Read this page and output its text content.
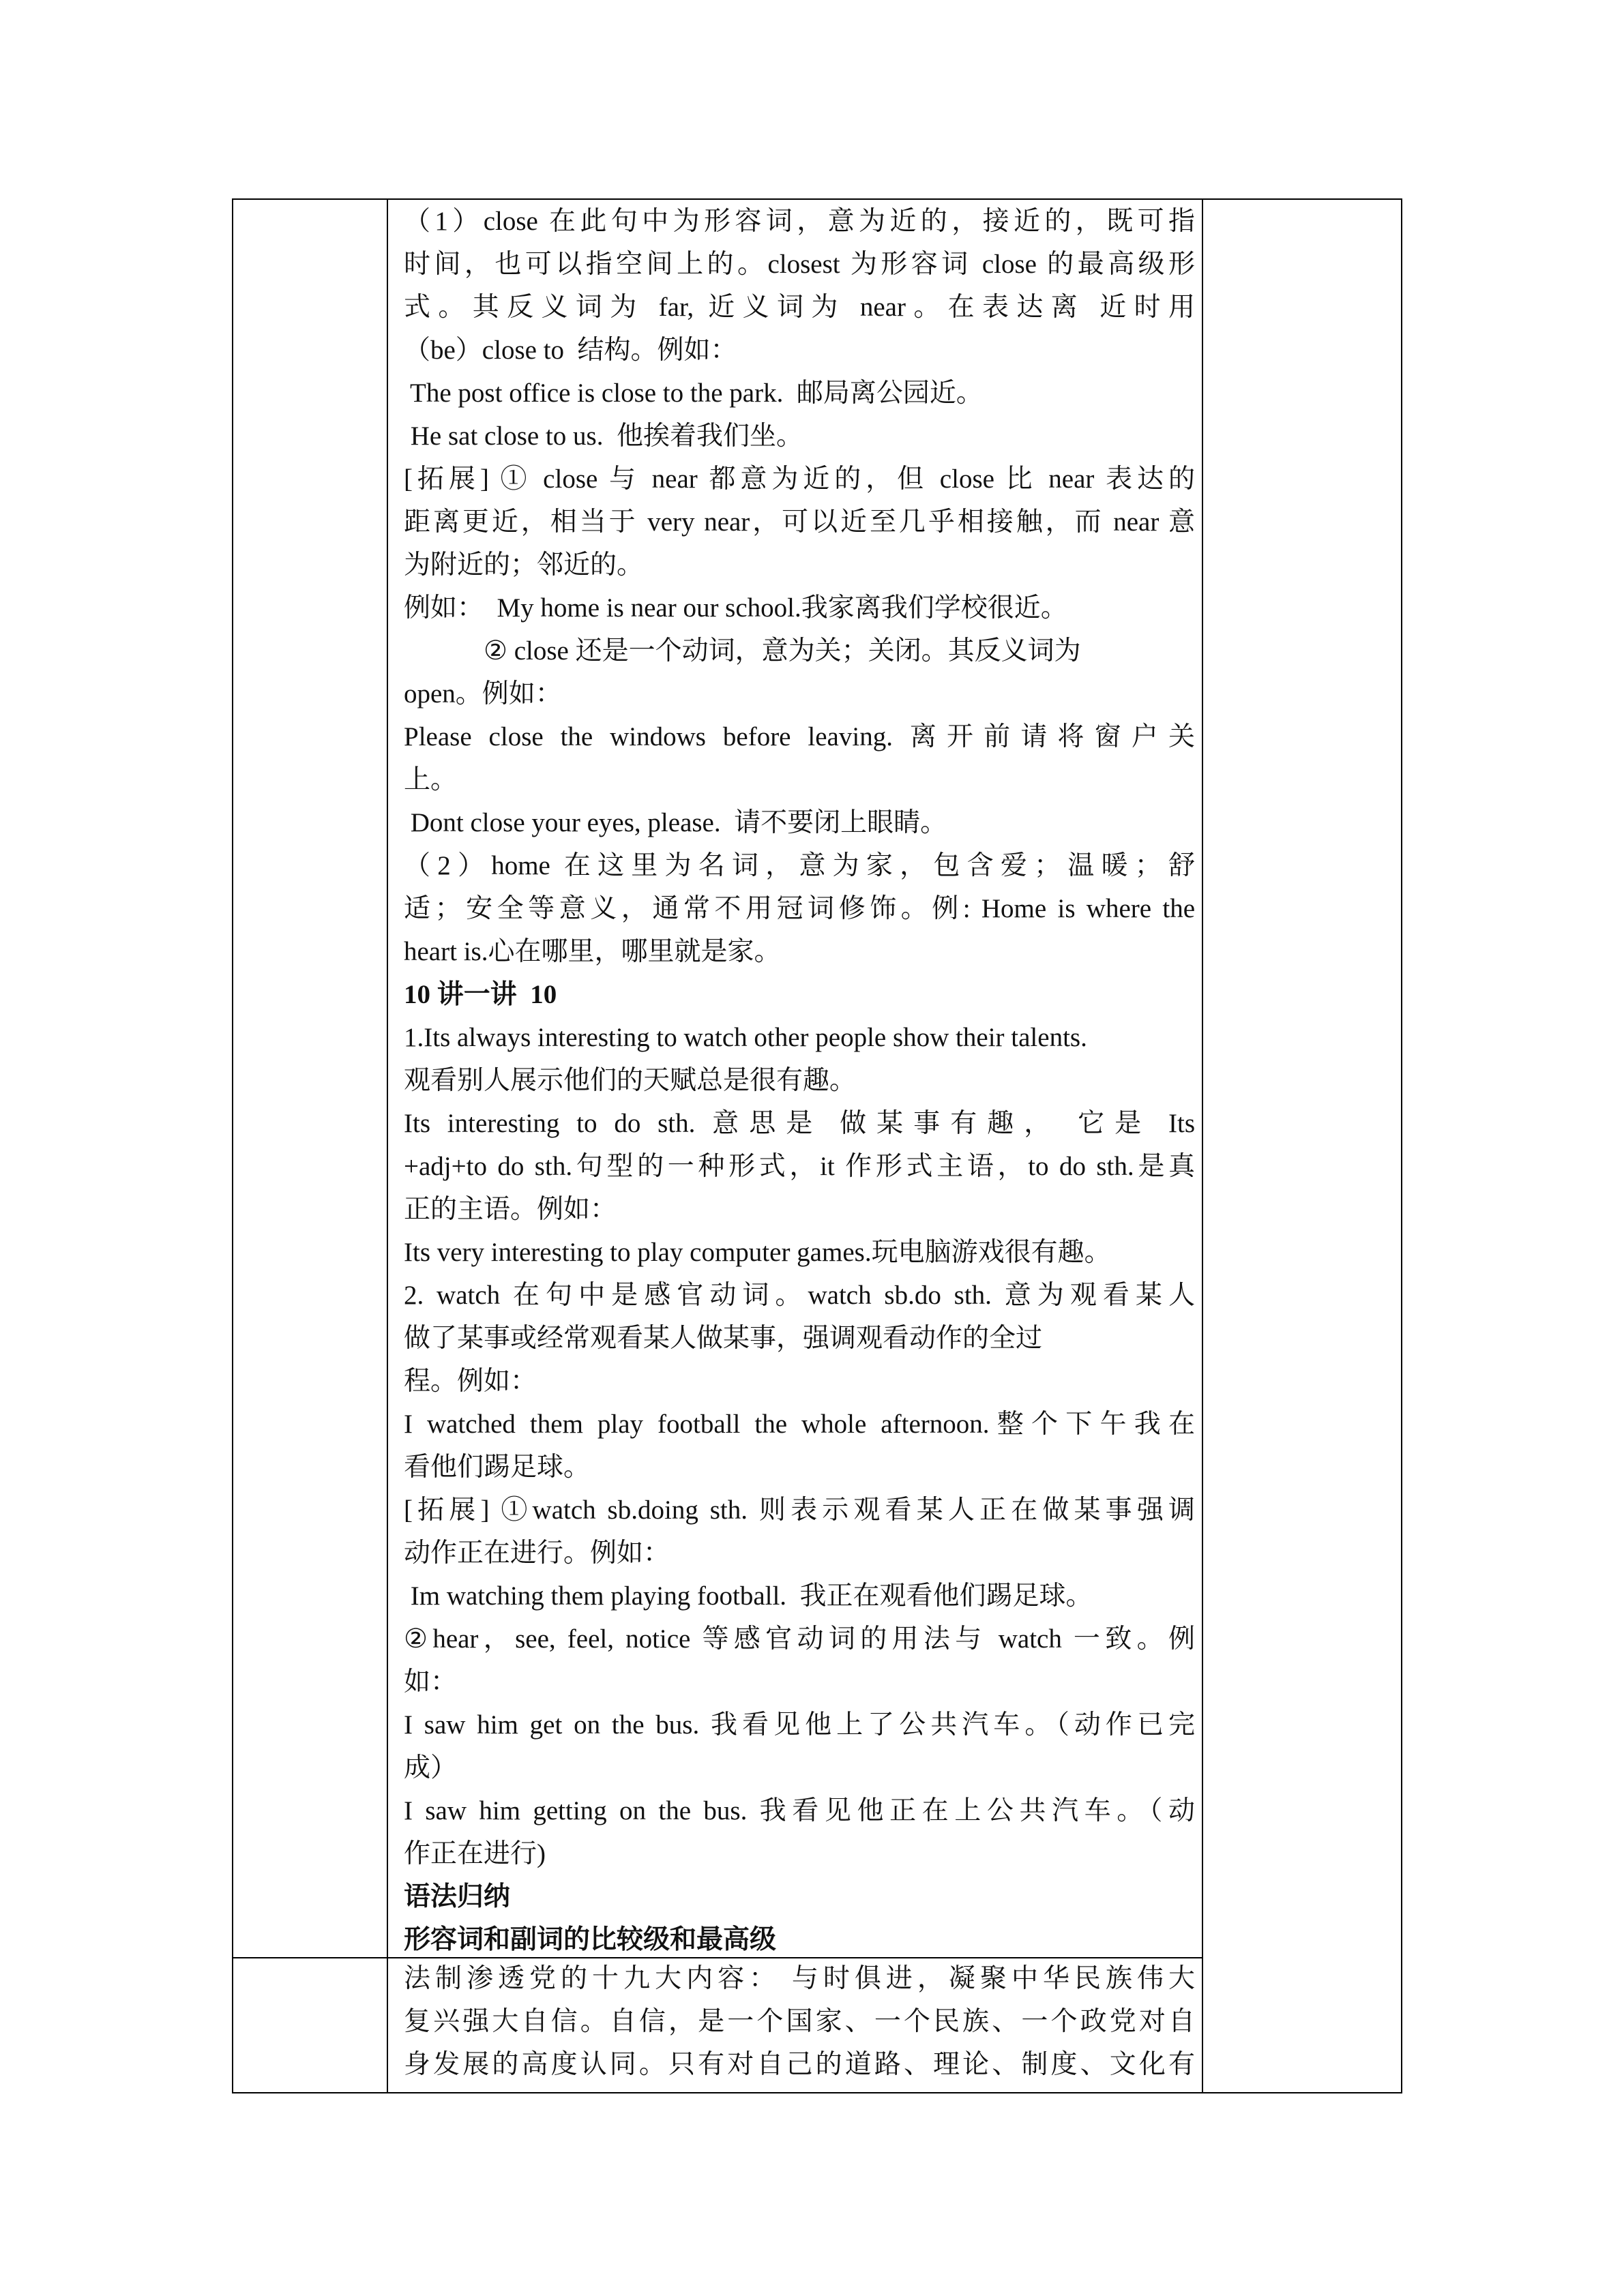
（1）close 在此句中为形容词，意为近的，接近的，既可指
时间，也可以指空间上的。closest 为形容词 close 的最高级形
式。其反义词为 far, 近义词为 near。在表达离 近时用
（be）close to  结构。例如：
The post office is close to the park.  邮局离公园近。
He sat close to us.  他挨着我们坐。
[拓展] ① close 与 near 都意为近的，但 close 比 near 表达的
距离更近，相当于 very near，可以近至几乎相接触，而 near 意
为附近的；邻近的。
例如：  My home is near our school.我家离我们学校很近。
② close 还是一个动词，意为关；关闭。其反义词为
open。例如：
Please close the windows before leaving. 离开前请将窗户关
上。
Dont close your eyes, please.  请不要闭上眼睛。
（2）home 在这里为名词，意为家，包含爱；温暖；舒
适；安全等意义，通常不用冠词修饰。例: Home is where the
heart is.心在哪里，哪里就是家。
10 讲一讲  10
1.Its always interesting to watch other people show their talents.
观看别人展示他们的天赋总是很有趣。
Its interesting to do sth. 意思是 做某事有趣， 它是 Its
+adj+to do sth.句型的一种形式，it 作形式主语，to do sth.是真
正的主语。例如：
Its very interesting to play computer games.玩电脑游戏很有趣。
2. watch 在句中是感官动词。watch sb.do sth. 意为观看某人
做了某事或经常观看某人做某事，强调观看动作的全过
程。例如：
I watched them play football the whole afternoon.整个下午我在
看他们踢足球。
[拓展] ①watch sb.doing sth. 则表示观看某人正在做某事强调
动作正在进行。例如：
Im watching them playing football.  我正在观看他们踢足球。
②hear，see, feel, notice 等感官动词的用法与 watch 一致。例
如：
I saw him get on the bus. 我看见他上了公共汽车。（动作已完
成）
I saw him getting on the bus. 我看见他正在上公共汽车。（动
作正在进行)
语法归纳
形容词和副词的比较级和最高级
法制渗透党的十九大内容： 与时俱进，凝聚中华民族伟大
复兴强大自信。自信，是一个国家、一个民族、一个政党对自
身发展的高度认同。只有对自己的道路、理论、制度、文化有
